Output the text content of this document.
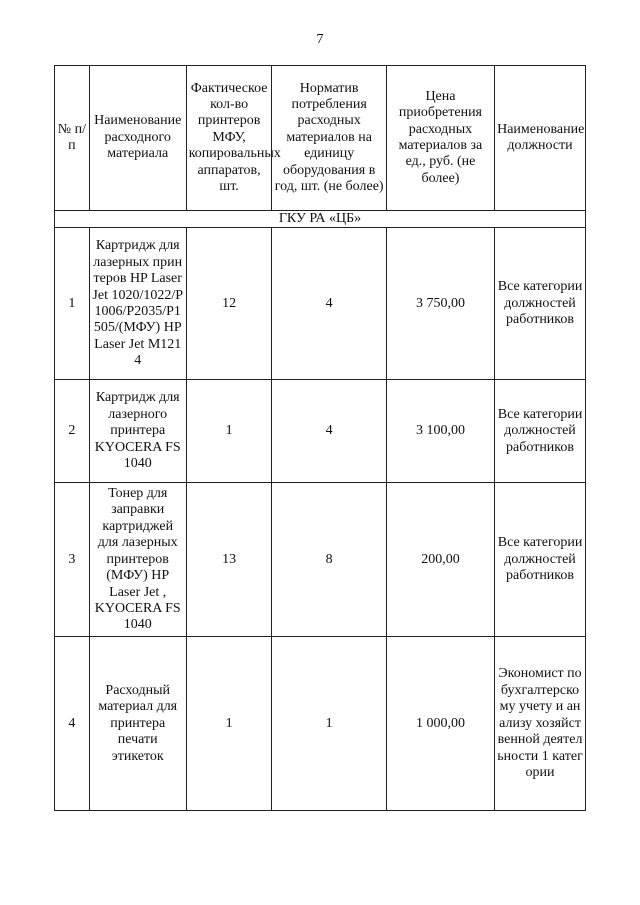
7
№ п/п	Наименование расходного материала	Фактическое кол-во принтеров МФУ, копировальных аппаратов, шт.	Норматив потребления расходных материалов на единицу оборудования в год, шт. (не более)	Цена приобретения расходных материалов за ед., руб. (не более)	Наименование должности
ГКУ РА «ЦБ»					
1	Картридж для лазерных принтеров HP Laser Jet 1020/1022/P1006/P2035/P1505/(МФУ) HP Laser Jet M1214	12	4	3 750,00	Все категории должностей работников
2	Картридж для лазерного принтера KYOCERA FS 1040	1	4	3 100,00	Все категории должностей работников
3	Тонер для заправки картриджей для лазерных принтеров (МФУ) HP Laser Jet , KYOCERA FS 1040	13	8	200,00	Все категории должностей работников
4	Расходный материал для принтера печати этикеток	1	1	1 000,00	Экономист по бухгалтерскому учету и анализу хозяйственной деятельности 1 категории
